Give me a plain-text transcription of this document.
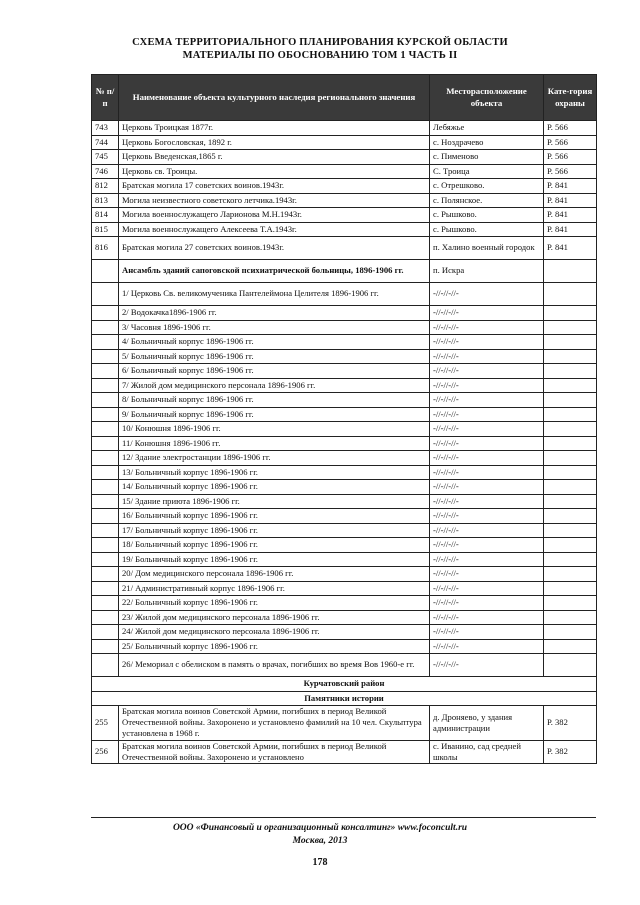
СХЕМА ТЕРРИТОРИАЛЬНОГО ПЛАНИРОВАНИЯ КУРСКОЙ ОБЛАСТИ
МАТЕРИАЛЫ ПО ОБОСНОВАНИЮ ТОМ 1 ЧАСТЬ II
№ п/п	Наименование объекта культурного наследия регионального значения	Месторасположение объекта	Кате-гория охраны
743	Церковь Троицкая 1877г.	Лебяжье	Р. 566
744	Церковь Богословская, 1892 г.	с. Ноздрачево	Р. 566
745	Церковь Введенская,1865 г.	с. Пименово	Р. 566
746	Церковь св. Троицы.	С. Троица	Р. 566
812	Братская могила 17 советских воинов.1943г.	с. Отрешково.	Р. 841
813	Могила неизвестного советского летчика.1943г.	с. Полянское.	Р. 841
814	Могила военнослужащего Ларионова М.Н.1943г.	с. Рышково.	Р. 841
815	Могила военнослужащего Алексеева Т.А.1943г.	с. Рышково.	Р. 841
816	Братская могила 27 советских воинов.1943г.	п. Халино военный городок	Р. 841
	Ансамбль зданий сапоговской психиатрической больницы, 1896-1906 гг.	п. Искра	
	1/ Церковь Св. великомученика Пантелеймона Целителя 1896-1906 гг.	-//-//-//-	
	2/ Водокачка1896-1906 гг.	-//-//-//-	
	3/ Часовня 1896-1906 гг.	-//-//-//-	
	4/ Больничный корпус 1896-1906 гг.	-//-//-//-	
	5/ Больничный корпус 1896-1906 гг.	-//-//-//-	
	6/ Больничный корпус 1896-1906 гг.	-//-//-//-	
	7/ Жилой дом медицинского персонала 1896-1906 гг.	-//-//-//-	
	8/ Больничный корпус 1896-1906 гг.	-//-//-//-	
	9/ Больничный корпус 1896-1906 гг.	-//-//-//-	
	10/ Конюшня 1896-1906 гг.	-//-//-//-	
	11/ Конюшня 1896-1906 гг.	-//-//-//-	
	12/ Здание электростанции 1896-1906 гг.	-//-//-//-	
	13/ Больничный корпус 1896-1906 гг.	-//-//-//-	
	14/ Больничный корпус 1896-1906 гг.	-//-//-//-	
	15/ Здание приюта 1896-1906 гг.	-//-//-//-	
	16/ Больничный корпус 1896-1906 гг.	-//-//-//-	
	17/ Больничный корпус 1896-1906 гг.	-//-//-//-	
	18/ Больничный корпус 1896-1906 гг.	-//-//-//-	
	19/ Больничный корпус 1896-1906 гг.	-//-//-//-	
	20/ Дом медицинского персонала 1896-1906 гг.	-//-//-//-	
	21/ Административный корпус 1896-1906 гг.	-//-//-//-	
	22/ Больничный корпус 1896-1906 гг.	-//-//-//-	
	23/ Жилой дом медицинского персонала 1896-1906 гг.	-//-//-//-	
	24/ Жилой дом медицинского персонала 1896-1906 гг.	-//-//-//-	
	25/ Больничный корпус 1896-1906 гг.	-//-//-//-	
	26/ Мемориал с обелиском в память о врачах, погибших во время Вов 1960-е гг.	-//-//-//-	
Курчатовский район			
Памятники истории			
255	Братская могила воинов Советской Армии, погибших в период Великой Отечественной войны. Захоронено и установлено фамилий на 10 чел. Скульптура установлена в 1968 г.	д. Дроняево, у здания администрации	Р. 382
256	Братская могила воинов Советской Армии, погибших в период Великой Отечественной войны. Захоронено и установлено	с. Иванино, сад средней школы	Р. 382
ООО «Финансовый и организационный консалтинг» www.foconcult.ru
Москва, 2013
178
